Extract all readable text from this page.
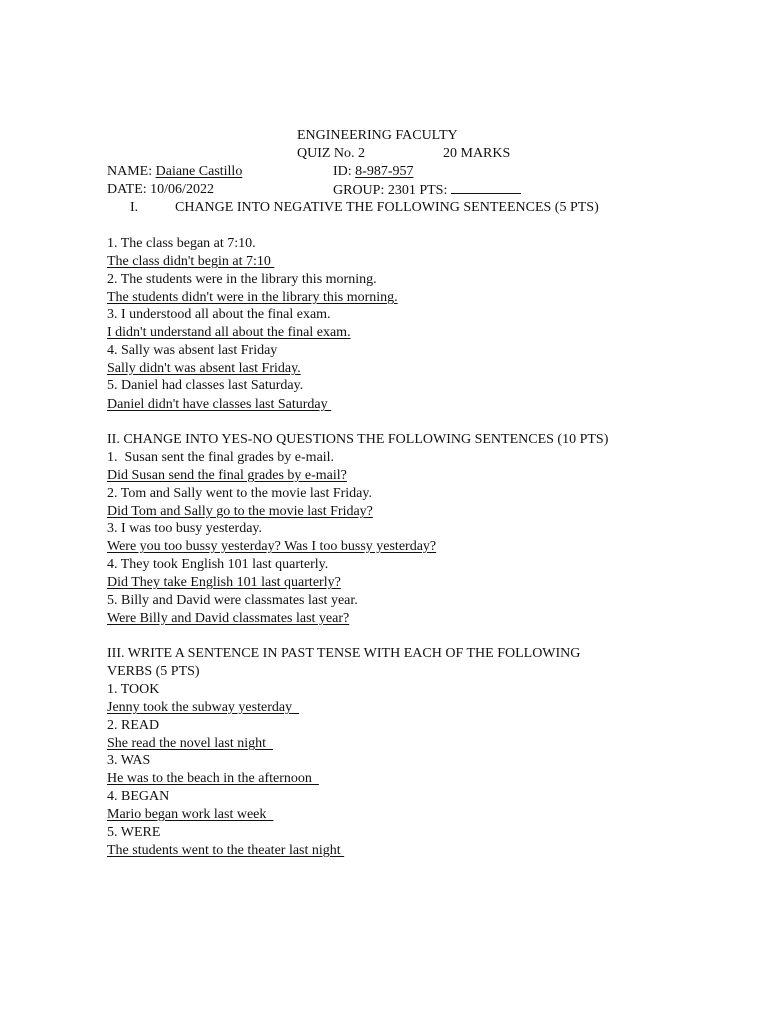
ENGINEERING FACULTY
QUIZ No. 2	20 MARKS
NAME: Daiane Castillo	ID: 8-987-957
DATE: 10/06/2022	GROUP: 2301 PTS:
I.	CHANGE INTO NEGATIVE THE FOLLOWING SENTEENCES (5 PTS)
1. The class began at 7:10.
The class didn't begin at 7:10
2. The students were in the library this morning.
The students didn't were in the library this morning.
3. I understood all about the final exam.
I didn't understand all about the final exam.
4. Sally was absent last Friday
Sally didn't was absent last Friday.
5. Daniel had classes last Saturday.
Daniel didn't have classes last Saturday
II. CHANGE INTO YES-NO QUESTIONS THE FOLLOWING SENTENCES (10 PTS)
1.  Susan sent the final grades by e-mail.
Did Susan send the final grades by e-mail?
2. Tom and Sally went to the movie last Friday.
Did Tom and Sally go to the movie last Friday?
3. I was too busy yesterday.
Were you too bussy yesterday? Was I too bussy yesterday?
4. They took English 101 last quarterly.
Did They take English 101 last quarterly?
5. Billy and David were classmates last year.
Were Billy and David classmates last year?
III. WRITE A SENTENCE IN PAST TENSE WITH EACH OF THE FOLLOWING
VERBS (5 PTS)
1. TOOK
Jenny took the subway yesterday
2. READ
She read the novel last night
3. WAS
He was to the beach in the afternoon
4. BEGAN
Mario began work last week
5. WERE
The students went to the theater last night
